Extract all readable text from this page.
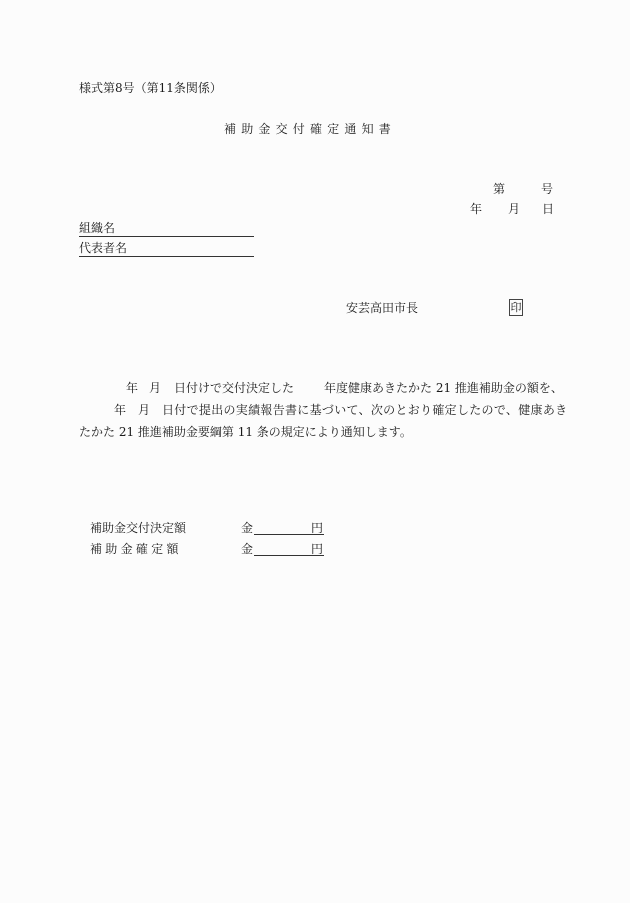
様式第8号（第11条関係）
補助金交付確定通知書
第	号
年 月 日
組織名
代表者名
安芸高田市長	印
年 月 日付けで交付決定した 年度健康あきたかた 21 推進補助金の額を、
年 月 日付で提出の実績報告書に基づいて、次のとおり確定したので、健康あき
たかた 21 推進補助金要綱第 11 条の規定により通知します。
補助金交付決定額	金	円
補助金確定額	金	円
